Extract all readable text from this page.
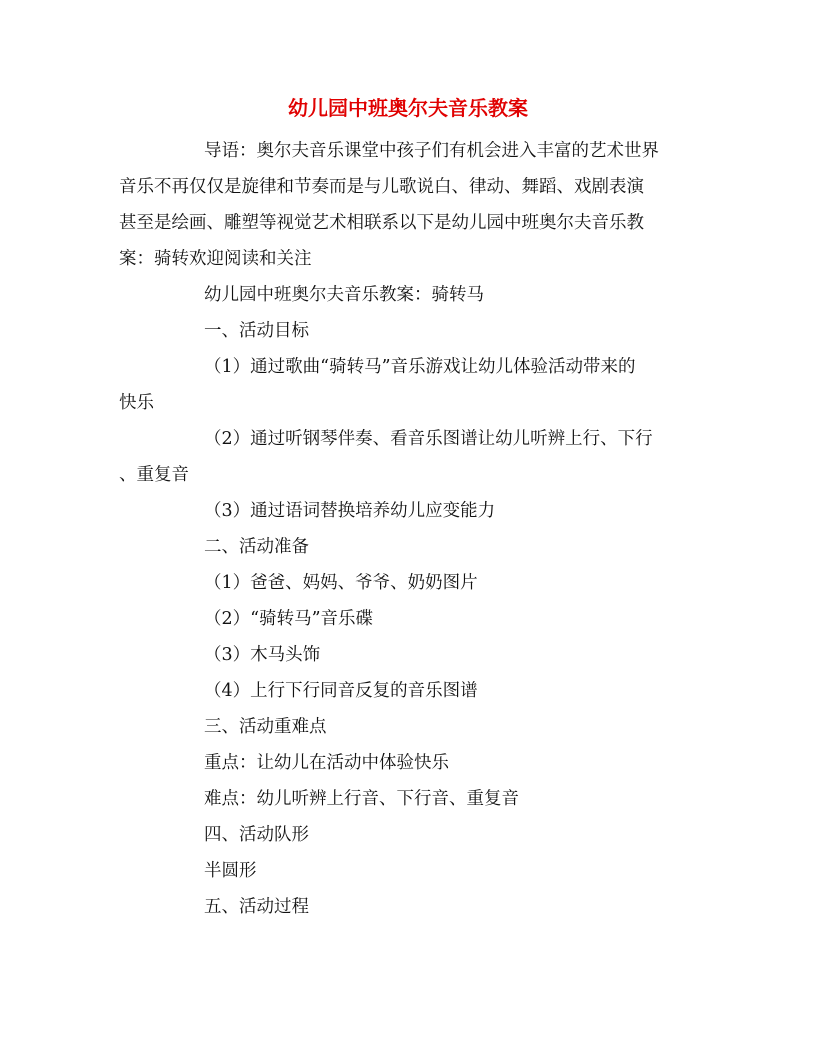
幼儿园中班奥尔夫音乐教案
导语：奥尔夫音乐课堂中孩子们有机会进入丰富的艺术世界
音乐不再仅仅是旋律和节奏而是与儿歌说白、律动、舞蹈、戏剧表演
甚至是绘画、雕塑等视觉艺术相联系以下是幼儿园中班奥尔夫音乐教
案：骑转欢迎阅读和关注
幼儿园中班奥尔夫音乐教案：骑转马
一、活动目标
（1）通过歌曲“骑转马”音乐游戏让幼儿体验活动带来的
快乐
（2）通过听钢琴伴奏、看音乐图谱让幼儿听辨上行、下行
、重复音
（3）通过语词替换培养幼儿应变能力
二、活动准备
（1）爸爸、妈妈、爷爷、奶奶图片
（2）“骑转马”音乐碟
（3）木马头饰
（4）上行下行同音反复的音乐图谱
三、活动重难点
重点：让幼儿在活动中体验快乐
难点：幼儿听辨上行音、下行音、重复音
四、活动队形
半圆形
五、活动过程
